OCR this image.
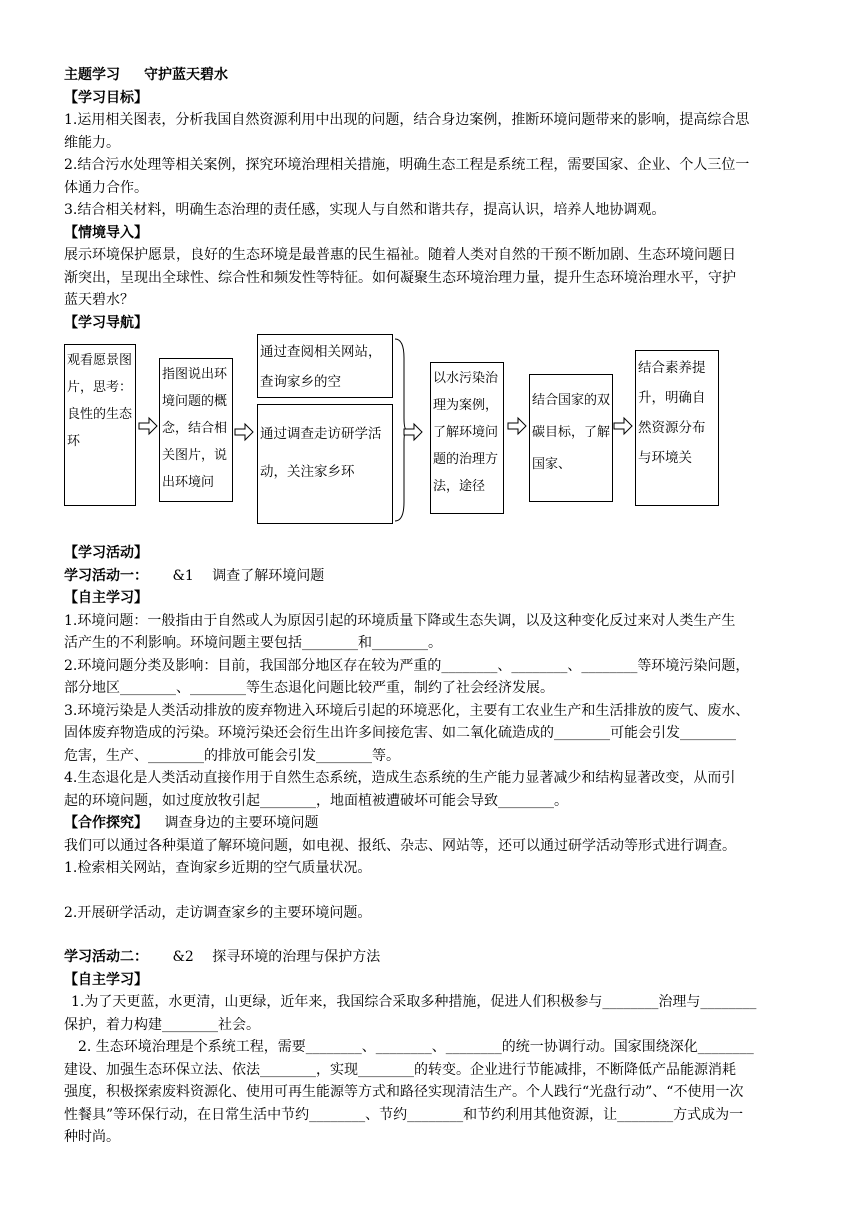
主题学习 守护蓝天碧水

【学习目标】

1.运用相关图表，分析我国自然资源利用中出现的问题，结合身边案例，推断环境问题带来的影响，提高综合思

维能力。

2.结合污水处理等相关案例，探究环境治理相关措施，明确生态工程是系统工程，需要国家、企业、个人三位一

体通力合作。

3.结合相关材料，明确生态治理的责任感，实现人与自然和谐共存，提高认识，培养人地协调观。

【情境导入】

展示环境保护愿景，良好的生态环境是最普惠的民生福祉。随着人类对自然的干预不断加剧、生态环境问题日

渐突出，呈现出全球性、综合性和频发性等特征。如何凝聚生态环境治理力量，提升生态环境治理水平，守护

蓝天碧水？

【学习导航】

观看愿景图片，思考：良性的生态环
指图说出环境问题的概念，结合相关图片，说出环境问
通过查阅相关网站，查询家乡的空
通过调查走访研学活动，关注家乡环
以水污染治理为案例，了解环境问题的治理方法，途径
结合国家的双碳目标，了解国家、
结合素养提升，明确自然资源分布与环境关

【学习活动】

学习活动一： &1 调查了解环境问题

【自主学习】

1.环境问题：一般指由于自然或人为原因引起的环境质量下降或生态失调，以及这种变化反过来对人类生产生

活产生的不利影响。环境问题主要包括________和________。

2.环境问题分类及影响：目前，我国部分地区存在较为严重的________、________、________等环境污染问题，

部分地区________、________等生态退化问题比较严重，制约了社会经济发展。

3.环境污染是人类活动排放的废弃物进入环境后引起的环境恶化，主要有工农业生产和生活排放的废气、废水、

固体废弃物造成的污染。环境污染还会衍生出许多间接危害、如二氧化硫造成的________可能会引发________

危害，生产、________的排放可能会引发________等。

4.生态退化是人类活动直接作用于自然生态系统，造成生态系统的生产能力显著减少和结构显著改变，从而引

起的环境问题，如过度放牧引起________，地面植被遭破坏可能会导致________。

【合作探究】 调查身边的主要环境问题

我们可以通过各种渠道了解环境问题，如电视、报纸、杂志、网站等，还可以通过研学活动等形式进行调查。

1.检索相关网站，查询家乡近期的空气质量状况。

2.开展研学活动，走访调查家乡的主要环境问题。

学习活动二： &2 探寻环境的治理与保护方法

【自主学习】

1.为了天更蓝，水更清，山更绿，近年来，我国综合采取多种措施，促进人们积极参与________治理与________

保护，着力构建________社会。

2. 生态环境治理是个系统工程，需要________、________、________的统一协调行动。国家围绕深化________

建设、加强生态环保立法、依法________，实现________的转变。企业进行节能减排，不断降低产品能源消耗

强度，积极探索废料资源化、使用可再生能源等方式和路径实现清洁生产。个人践行“光盘行动”、“不使用一次

性餐具”等环保行动，在日常生活中节约________、节约________和节约利用其他资源，让________方式成为一

种时尚。
